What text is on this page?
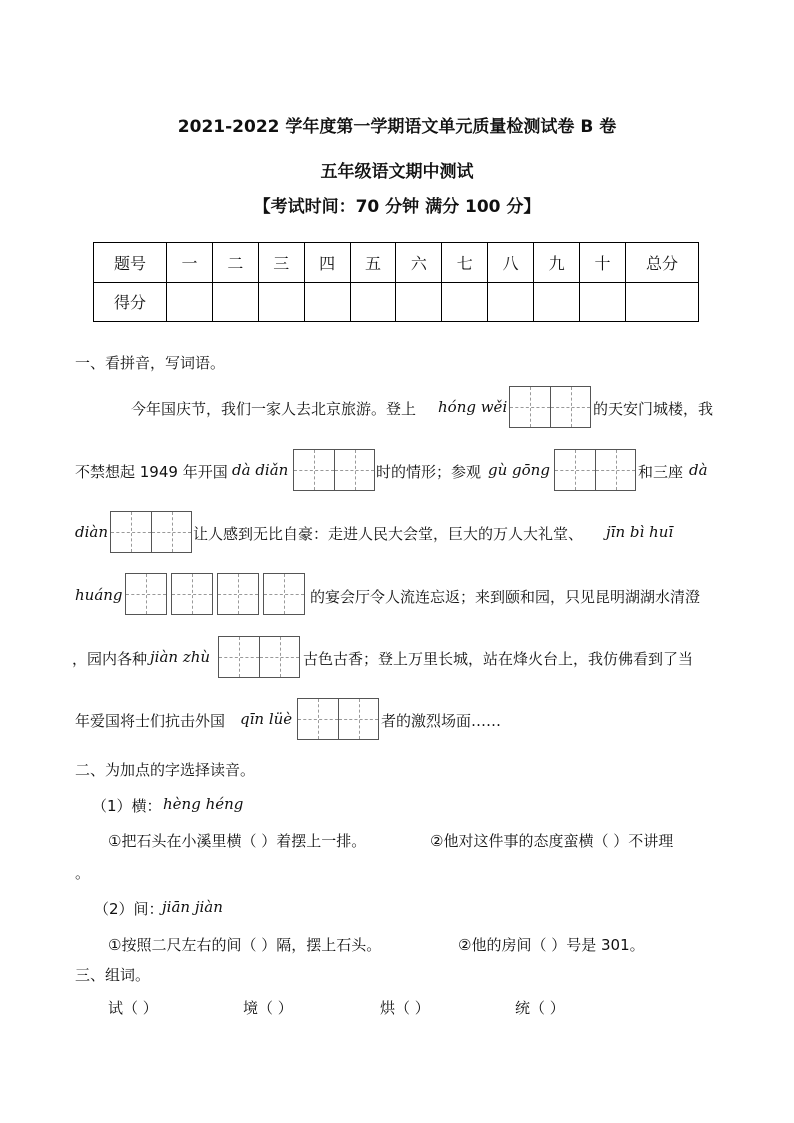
2021-2022 学年度第一学期语文单元质量检测试卷 B 卷
五年级语文期中测试
【考试时间：70 分钟 满分 100 分】
题号	一	二	三	四	五	六	七	八	九	十	总分
得分											
一、看拼音，写词语。
今年国庆节，我们一家人去北京旅游。登上 hóng wěi	的天安门城楼，我
不禁想起 1949 年开国 dà diǎn	时的情形；参观 gù gōng	和三座 dà
diàn	让人感到无比自豪：走进人民大会堂，巨大的万人大礼堂、 jīn bì huī
huáng	的宴会厅令人流连忘返；来到颐和园，只见昆明湖湖水清澄
，园内各种 jiàn zhù	古色古香；登上万里长城，站在烽火台上，我仿佛看到了当
年爱国将士们抗击外国 qīn lüè	者的激烈场面……
二、为加点的字选择读音。
（1）横： hèng héng
①把石头在小溪里横（ ）着摆上一排。	②他对这件事的态度蛮横（ ）不讲理
。
（2）间：
jiān jiàn
①按照二尺左右的间（ ）隔，摆上石头。	②他的房间（ ）号是 301。
三、组词。
试（ ）	境（ ）	烘（ ）	统（ ）
